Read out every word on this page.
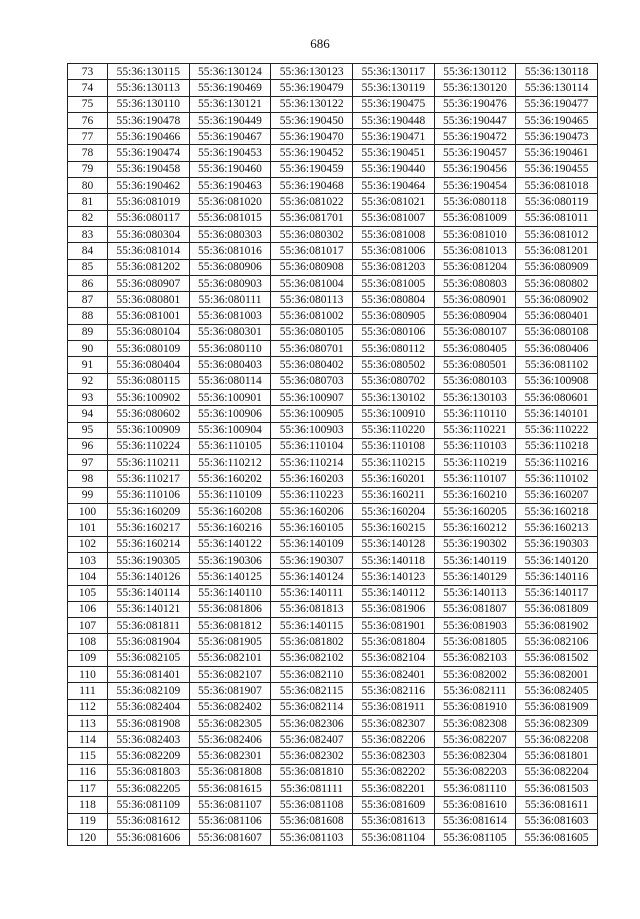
686
73	55:36:130115	55:36:130124	55:36:130123	55:36:130117	55:36:130112	55:36:130118
74	55:36:130113	55:36:190469	55:36:190479	55:36:130119	55:36:130120	55:36:130114
75	55:36:130110	55:36:130121	55:36:130122	55:36:190475	55:36:190476	55:36:190477
76	55:36:190478	55:36:190449	55:36:190450	55:36:190448	55:36:190447	55:36:190465
77	55:36:190466	55:36:190467	55:36:190470	55:36:190471	55:36:190472	55:36:190473
78	55:36:190474	55:36:190453	55:36:190452	55:36:190451	55:36:190457	55:36:190461
79	55:36:190458	55:36:190460	55:36:190459	55:36:190440	55:36:190456	55:36:190455
80	55:36:190462	55:36:190463	55:36:190468	55:36:190464	55:36:190454	55:36:081018
81	55:36:081019	55:36:081020	55:36:081022	55:36:081021	55:36:080118	55:36:080119
82	55:36:080117	55:36:081015	55:36:081701	55:36:081007	55:36:081009	55:36:081011
83	55:36:080304	55:36:080303	55:36:080302	55:36:081008	55:36:081010	55:36:081012
84	55:36:081014	55:36:081016	55:36:081017	55:36:081006	55:36:081013	55:36:081201
85	55:36:081202	55:36:080906	55:36:080908	55:36:081203	55:36:081204	55:36:080909
86	55:36:080907	55:36:080903	55:36:081004	55:36:081005	55:36:080803	55:36:080802
87	55:36:080801	55:36:080111	55:36:080113	55:36:080804	55:36:080901	55:36:080902
88	55:36:081001	55:36:081003	55:36:081002	55:36:080905	55:36:080904	55:36:080401
89	55:36:080104	55:36:080301	55:36:080105	55:36:080106	55:36:080107	55:36:080108
90	55:36:080109	55:36:080110	55:36:080701	55:36:080112	55:36:080405	55:36:080406
91	55:36:080404	55:36:080403	55:36:080402	55:36:080502	55:36:080501	55:36:081102
92	55:36:080115	55:36:080114	55:36:080703	55:36:080702	55:36:080103	55:36:100908
93	55:36:100902	55:36:100901	55:36:100907	55:36:130102	55:36:130103	55:36:080601
94	55:36:080602	55:36:100906	55:36:100905	55:36:100910	55:36:110110	55:36:140101
95	55:36:100909	55:36:100904	55:36:100903	55:36:110220	55:36:110221	55:36:110222
96	55:36:110224	55:36:110105	55:36:110104	55:36:110108	55:36:110103	55:36:110218
97	55:36:110211	55:36:110212	55:36:110214	55:36:110215	55:36:110219	55:36:110216
98	55:36:110217	55:36:160202	55:36:160203	55:36:160201	55:36:110107	55:36:110102
99	55:36:110106	55:36:110109	55:36:110223	55:36:160211	55:36:160210	55:36:160207
100	55:36:160209	55:36:160208	55:36:160206	55:36:160204	55:36:160205	55:36:160218
101	55:36:160217	55:36:160216	55:36:160105	55:36:160215	55:36:160212	55:36:160213
102	55:36:160214	55:36:140122	55:36:140109	55:36:140128	55:36:190302	55:36:190303
103	55:36:190305	55:36:190306	55:36:190307	55:36:140118	55:36:140119	55:36:140120
104	55:36:140126	55:36:140125	55:36:140124	55:36:140123	55:36:140129	55:36:140116
105	55:36:140114	55:36:140110	55:36:140111	55:36:140112	55:36:140113	55:36:140117
106	55:36:140121	55:36:081806	55:36:081813	55:36:081906	55:36:081807	55:36:081809
107	55:36:081811	55:36:081812	55:36:140115	55:36:081901	55:36:081903	55:36:081902
108	55:36:081904	55:36:081905	55:36:081802	55:36:081804	55:36:081805	55:36:082106
109	55:36:082105	55:36:082101	55:36:082102	55:36:082104	55:36:082103	55:36:081502
110	55:36:081401	55:36:082107	55:36:082110	55:36:082401	55:36:082002	55:36:082001
111	55:36:082109	55:36:081907	55:36:082115	55:36:082116	55:36:082111	55:36:082405
112	55:36:082404	55:36:082402	55:36:082114	55:36:081911	55:36:081910	55:36:081909
113	55:36:081908	55:36:082305	55:36:082306	55:36:082307	55:36:082308	55:36:082309
114	55:36:082403	55:36:082406	55:36:082407	55:36:082206	55:36:082207	55:36:082208
115	55:36:082209	55:36:082301	55:36:082302	55:36:082303	55:36:082304	55:36:081801
116	55:36:081803	55:36:081808	55:36:081810	55:36:082202	55:36:082203	55:36:082204
117	55:36:082205	55:36:081615	55:36:081111	55:36:082201	55:36:081110	55:36:081503
118	55:36:081109	55:36:081107	55:36:081108	55:36:081609	55:36:081610	55:36:081611
119	55:36:081612	55:36:081106	55:36:081608	55:36:081613	55:36:081614	55:36:081603
120	55:36:081606	55:36:081607	55:36:081103	55:36:081104	55:36:081105	55:36:081605
